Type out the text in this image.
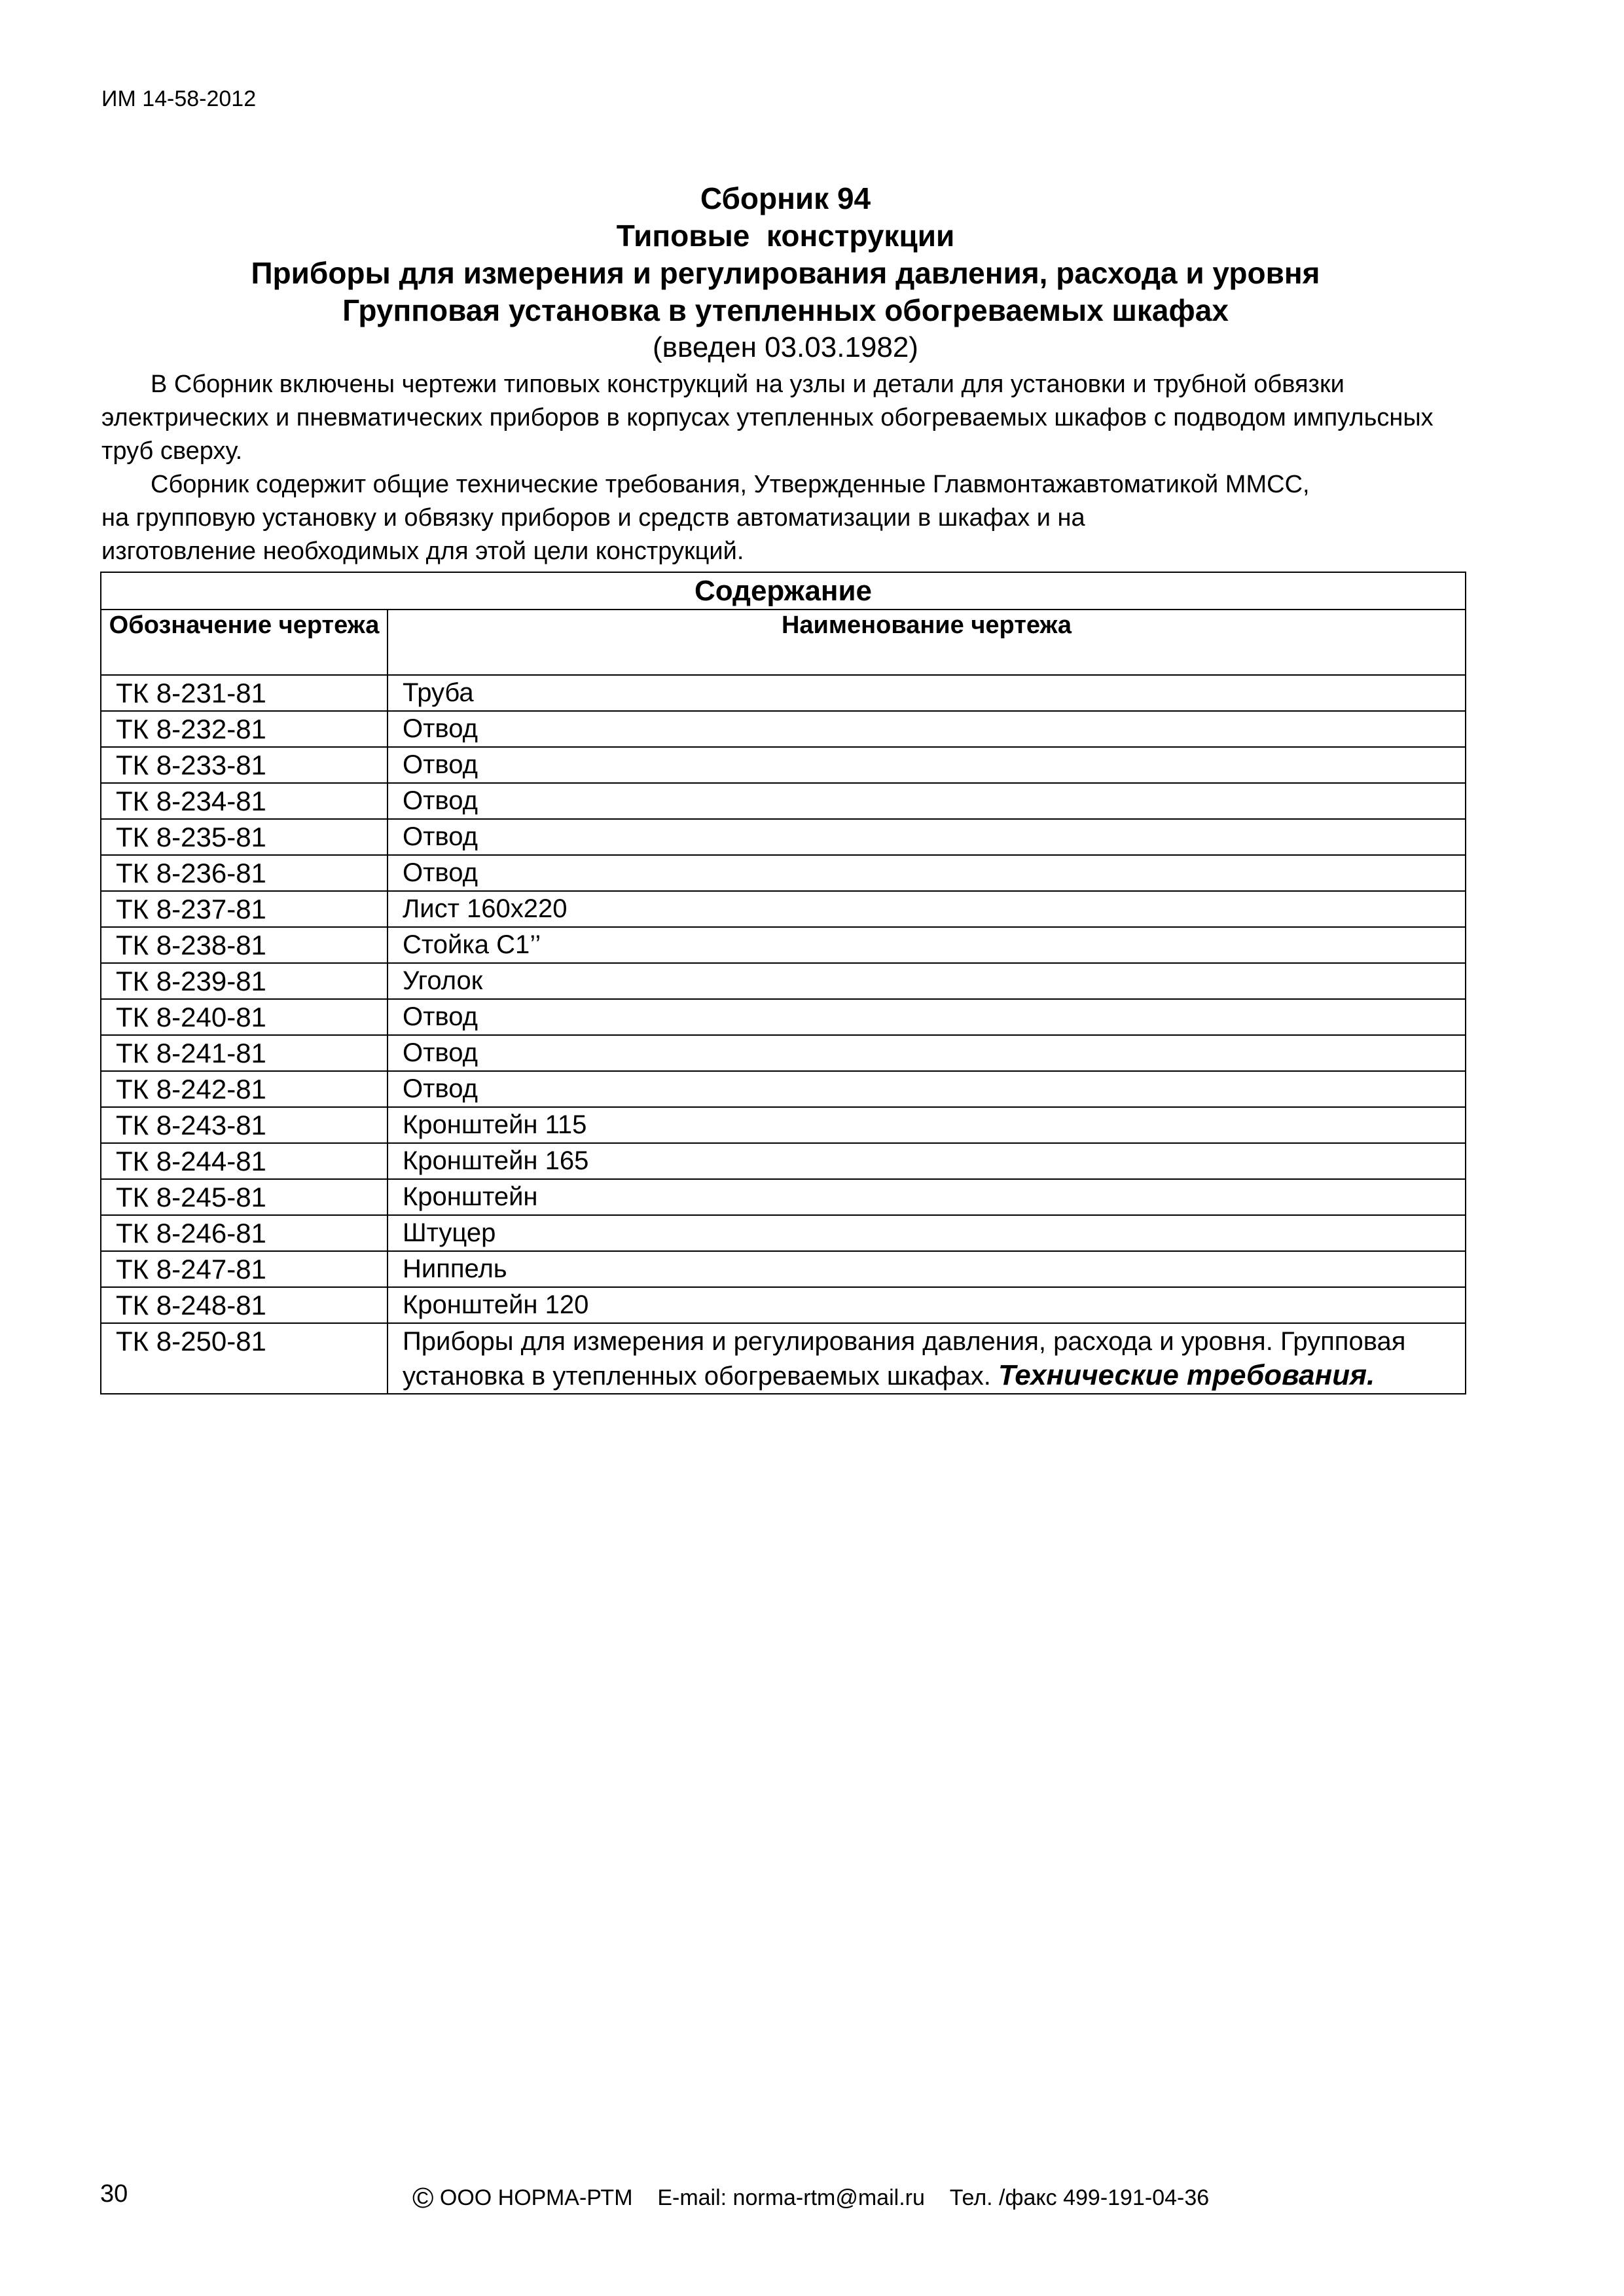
ИМ 14-58-2012
Сборник 94
Типовые  конструкции
Приборы для измерения и регулирования давления, расхода и уровня
Групповая установка в утепленных обогреваемых шкафах
(введен 03.03.1982)

В Сборник включены чертежи типовых конструкций на узлы и детали для установки и трубной обвязки электрических и пневматических приборов в корпусах утепленных обогреваемых шкафов с подводом импульсных труб сверху.

Сборник содержит общие технические требования, Утвержденные Главмонтажавтоматикой ММСС,

на групповую установку и обвязку приборов и средств автоматизации в шкафах и на

изготовление необходимых для этой цели конструкций.

Содержание	
Обозначение чертежа	Наименование чертежа
ТК 8-231-81	Труба
ТК 8-232-81	Отвод
ТК 8-233-81	Отвод
ТК 8-234-81	Отвод
ТК 8-235-81	Отвод
ТК 8-236-81	Отвод
ТК 8-237-81	Лист 160х220
ТК 8-238-81	Стойка С1’’
ТК 8-239-81	Уголок
ТК 8-240-81	Отвод
ТК 8-241-81	Отвод
ТК 8-242-81	Отвод
ТК 8-243-81	Кронштейн 115
ТК 8-244-81	Кронштейн 165
ТК 8-245-81	Кронштейн
ТК 8-246-81	Штуцер
ТК 8-247-81	Ниппель
ТК 8-248-81	Кронштейн 120
ТК 8-250-81	Приборы для измерения и регулирования давления, расхода и уровня. Групповая
установка в утепленных обогреваемых шкафах. Технические требования.
30	© ООО НОРМА-РТМ E-mail: norma-rtm@mail.ru Тел. /факс 499-191-04-36
